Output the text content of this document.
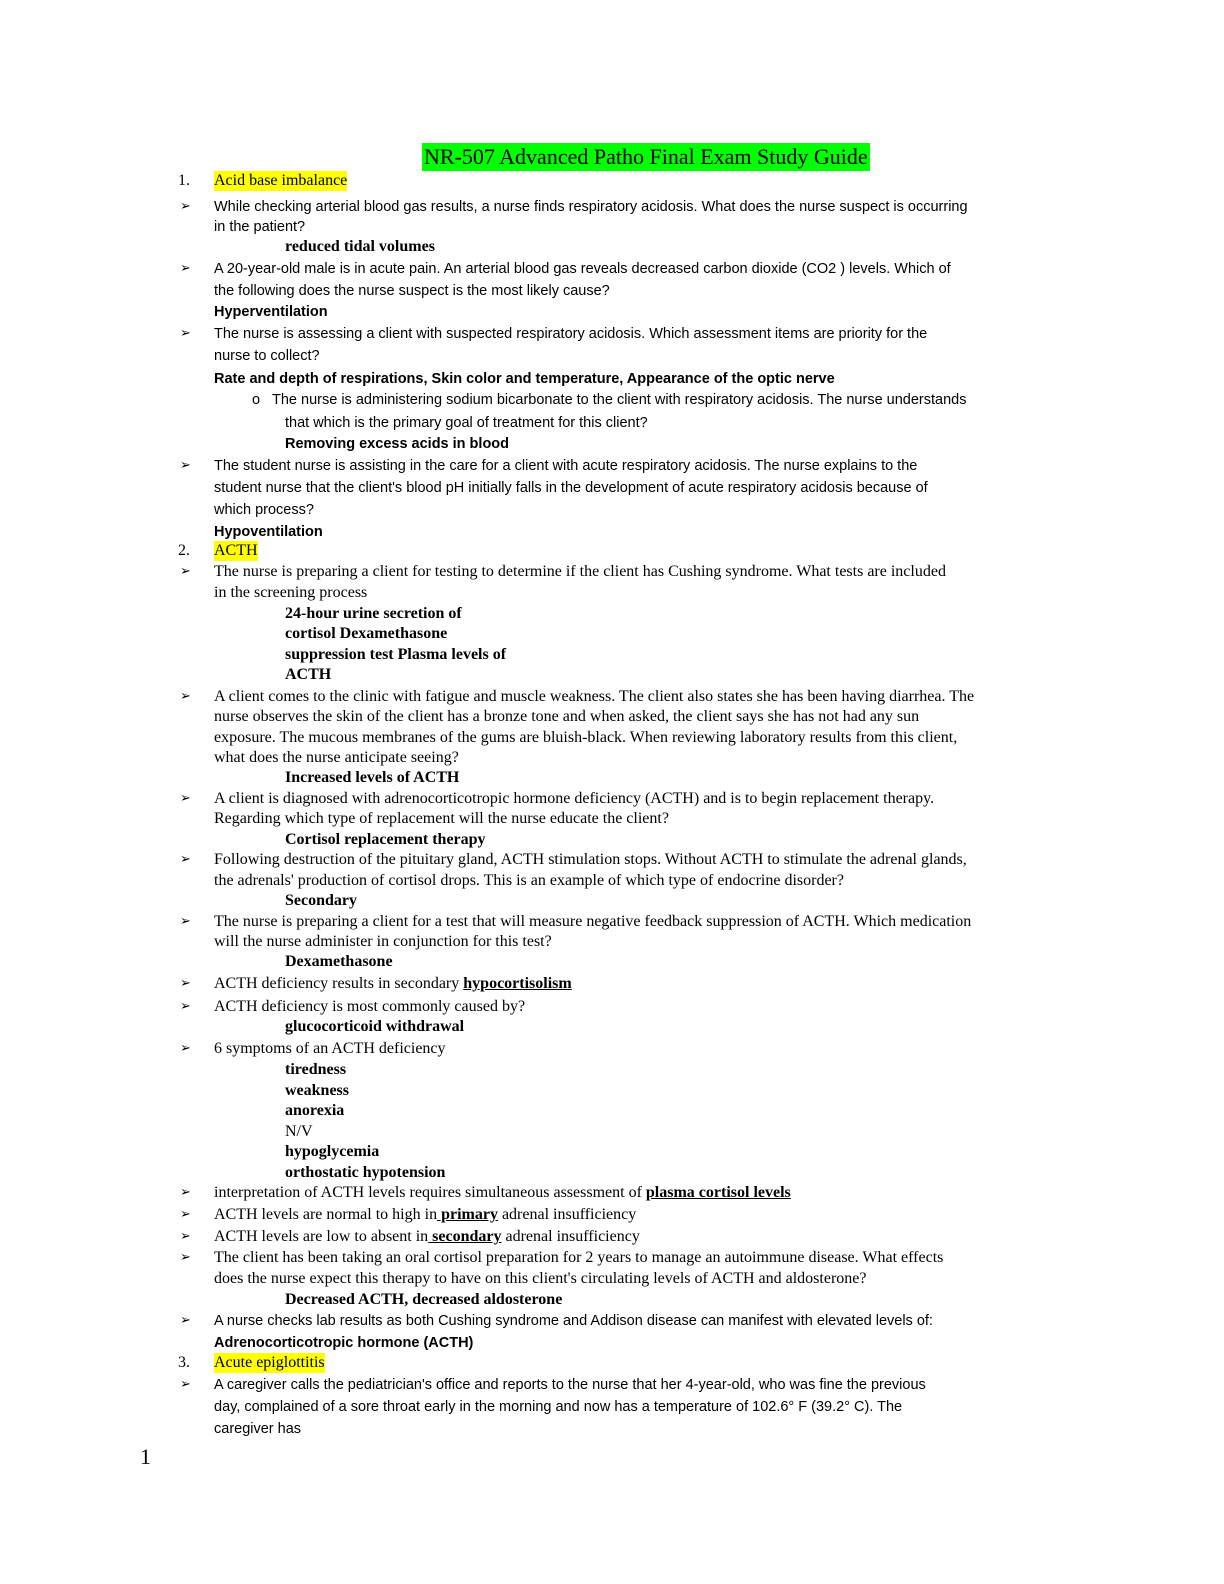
NR-507 Advanced Patho Final Exam Study Guide
1. Acid base imbalance
➢	While checking arterial blood gas results, a nurse finds respiratory acidosis. What does the nurse suspect is occurring
in the patient?
reduced tidal volumes
➢	A 20-year-old male is in acute pain. An arterial blood gas reveals decreased carbon dioxide (CO2 ) levels. Which of
the following does the nurse suspect is the most likely cause?
Hyperventilation
➢	The nurse is assessing a client with suspected respiratory acidosis. Which assessment items are priority for the
nurse to collect?
Rate and depth of respirations, Skin color and temperature, Appearance of the optic nerve
o The nurse is administering sodium bicarbonate to the client with respiratory acidosis. The nurse understands
that which is the primary goal of treatment for this client?
Removing excess acids in blood
➢	The student nurse is assisting in the care for a client with acute respiratory acidosis. The nurse explains to the
student nurse that the client's blood pH initially falls in the development of acute respiratory acidosis because of
which process?
Hypoventilation
2. ACTH
➢	The nurse is preparing a client for testing to determine if the client has Cushing syndrome. What tests are included
in the screening process
24-hour urine secretion of
cortisol Dexamethasone
suppression test Plasma levels of
ACTH
➢	A client comes to the clinic with fatigue and muscle weakness. The client also states she has been having diarrhea. The
nurse observes the skin of the client has a bronze tone and when asked, the client says she has not had any sun
exposure. The mucous membranes of the gums are bluish-black. When reviewing laboratory results from this client,
what does the nurse anticipate seeing?
Increased levels of ACTH
➢	A client is diagnosed with adrenocorticotropic hormone deficiency (ACTH) and is to begin replacement therapy.
Regarding which type of replacement will the nurse educate the client?
Cortisol replacement therapy
➢	Following destruction of the pituitary gland, ACTH stimulation stops. Without ACTH to stimulate the adrenal glands,
the adrenals' production of cortisol drops. This is an example of which type of endocrine disorder?
Secondary
➢	The nurse is preparing a client for a test that will measure negative feedback suppression of ACTH. Which medication
will the nurse administer in conjunction for this test?
Dexamethasone
➢	ACTH deficiency results in secondary hypocortisolism
➢	ACTH deficiency is most commonly caused by?
glucocorticoid withdrawal
➢	6 symptoms of an ACTH deficiency
tiredness
weakness
anorexia
N/V
hypoglycemia
orthostatic hypotension
➢	interpretation of ACTH levels requires simultaneous assessment of plasma cortisol levels
➢	ACTH levels are normal to high in primary adrenal insufficiency
➢	ACTH levels are low to absent in secondary adrenal insufficiency
➢	The client has been taking an oral cortisol preparation for 2 years to manage an autoimmune disease. What effects
does the nurse expect this therapy to have on this client's circulating levels of ACTH and aldosterone?
Decreased ACTH, decreased aldosterone
➢	A nurse checks lab results as both Cushing syndrome and Addison disease can manifest with elevated levels of:
Adrenocorticotropic hormone (ACTH)
3. Acute epiglottitis
➢	A caregiver calls the pediatrician's office and reports to the nurse that her 4-year-old, who was fine the previous
day, complained of a sore throat early in the morning and now has a temperature of 102.6° F (39.2° C). The
caregiver has
1
